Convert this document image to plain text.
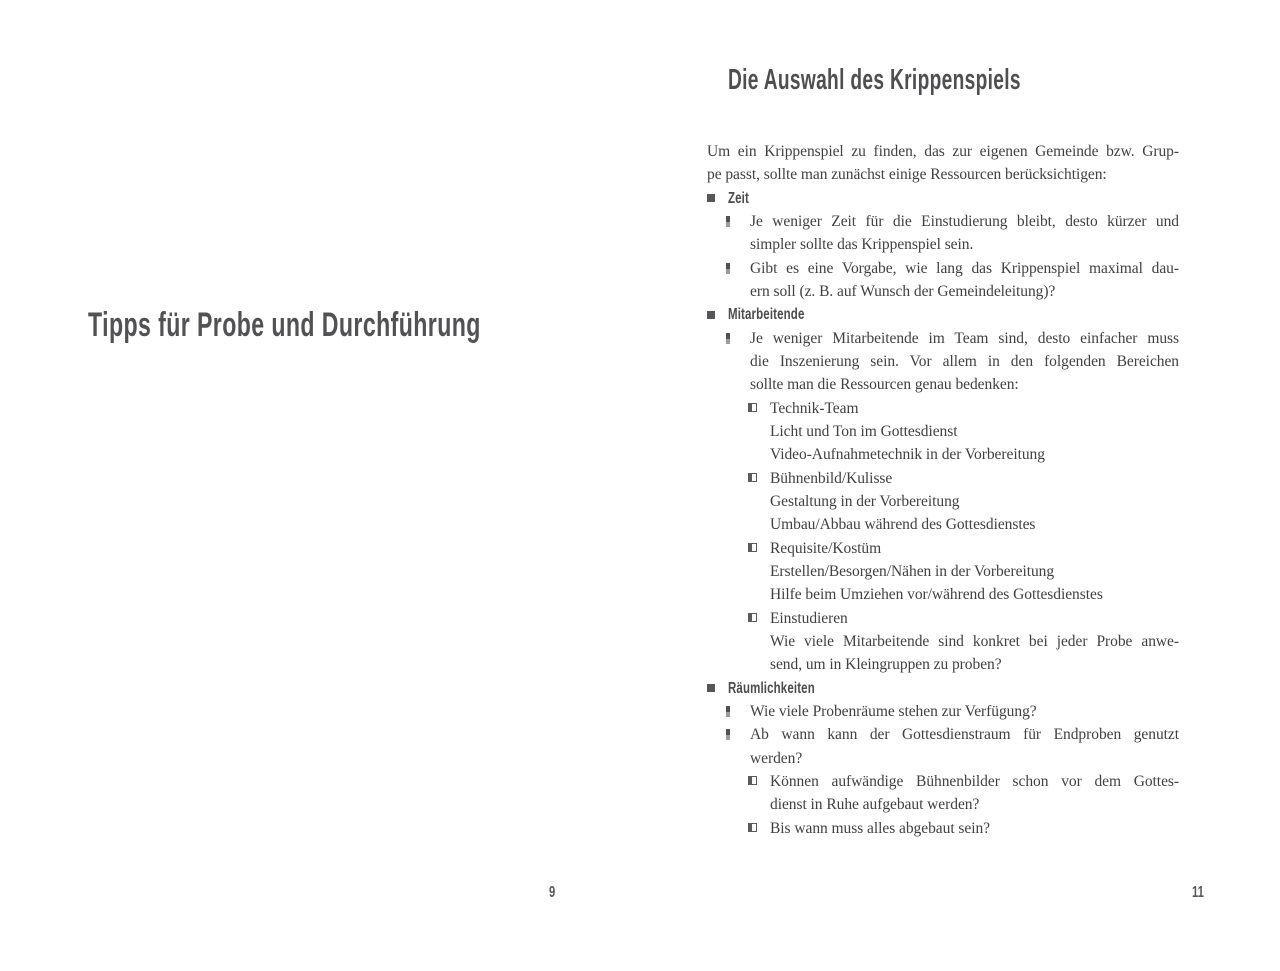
Tipps für Probe und Durchführung
9
Die Auswahl des Krippenspiels
Um ein Krippenspiel zu finden, das zur eigenen Gemeinde bzw. Grup-
pe passt, sollte man zunächst einige Ressourcen berücksichtigen:
Zeit
Je weniger Zeit für die Einstudierung bleibt, desto kürzer und
simpler sollte das Krippenspiel sein.
Gibt es eine Vorgabe, wie lang das Krippenspiel maximal dau-
ern soll (z. B. auf Wunsch der Gemeindeleitung)?
Mitarbeitende
Je weniger Mitarbeitende im Team sind, desto einfacher muss
die Inszenierung sein. Vor allem in den folgenden Bereichen
sollte man die Ressourcen genau bedenken:
Technik-Team
Licht und Ton im Gottesdienst
Video-Aufnahmetechnik in der Vorbereitung
Bühnenbild/Kulisse
Gestaltung in der Vorbereitung
Umbau/Abbau während des Gottesdienstes
Requisite/Kostüm
Erstellen/Besorgen/Nähen in der Vorbereitung
Hilfe beim Umziehen vor/während des Gottesdienstes
Einstudieren
Wie viele Mitarbeitende sind konkret bei jeder Probe anwe-
send, um in Kleingruppen zu proben?
Räumlichkeiten
Wie viele Probenräume stehen zur Verfügung?
Ab wann kann der Gottesdienstraum für Endproben genutzt
werden?
Können aufwändige Bühnenbilder schon vor dem Gottes-
dienst in Ruhe aufgebaut werden?
Bis wann muss alles abgebaut sein?
11
